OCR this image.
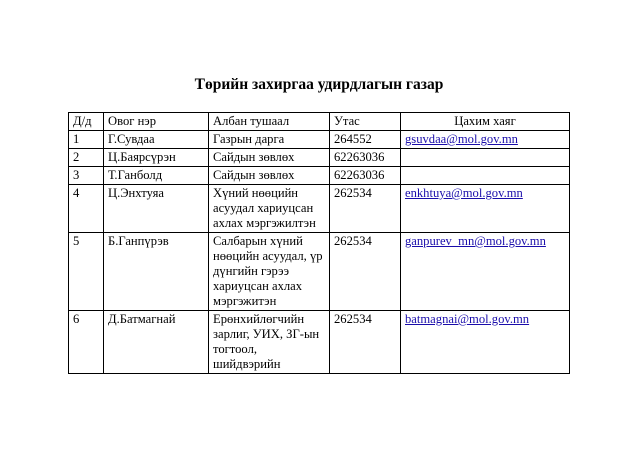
Төрийн захиргаа удирдлагын газар
Д/д	Овог нэр	Албан тушаал	Утас	Цахим хаяг
1	Г.Сувдаа	Газрын дарга	264552	gsuvdaa@mol.gov.mn
2	Ц.Баярсүрэн	Сайдын зөвлөх	62263036	
3	Т.Ганболд	Сайдын зөвлөх	62263036	
4	Ц.Энхтуяа	Хүний нөөцийн асуудал хариуцсан ахлах мэргэжилтэн	262534	enkhtuya@mol.gov.mn
5	Б.Ганпүрэв	Салбарын хүний нөөцийн асуудал, үр дүнгийн гэрээ хариуцсан ахлах мэргэжитэн	262534	ganpurev_mn@mol.gov.mn
6	Д.Батмагнай	Ерөнхийлөгчийн зарлиг, УИХ, ЗГ-ын тогтоол, шийдвэрийн	262534	batmagnai@mol.gov.mn
